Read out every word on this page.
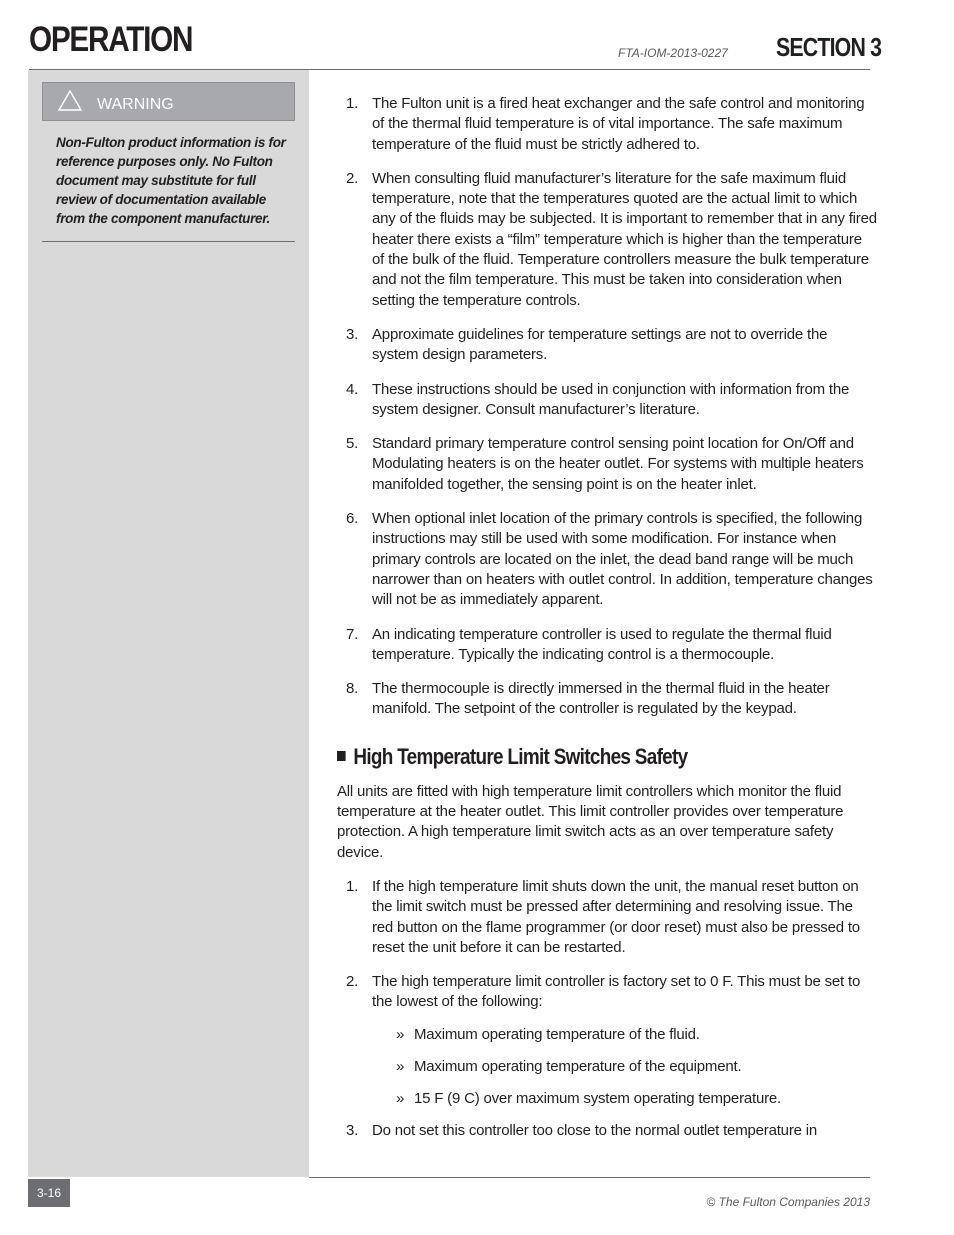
OPERATION	FTA-IOM-2013-0227 SECTION 3
WARNING
Non-Fulton product information is for reference purposes only. No Fulton document may substitute for full review of documentation available from the component manufacturer.
1. The Fulton unit is a fired heat exchanger and the safe control and monitoring of the thermal fluid temperature is of vital importance. The safe maximum temperature of the fluid must be strictly adhered to.
2. When consulting fluid manufacturer’s literature for the safe maximum fluid temperature, note that the temperatures quoted are the actual limit to which any of the fluids may be subjected. It is important to remember that in any fired heater there exists a “film” temperature which is higher than the temperature of the bulk of the fluid. Temperature controllers measure the bulk temperature and not the film temperature. This must be taken into consideration when setting the temperature controls.
3. Approximate guidelines for temperature settings are not to override the system design parameters.
4. These instructions should be used in conjunction with information from the system designer. Consult manufacturer’s literature.
5. Standard primary temperature control sensing point location for On/Off and Modulating heaters is on the heater outlet. For systems with multiple heaters manifolded together, the sensing point is on the heater inlet.
6. When optional inlet location of the primary controls is specified, the following instructions may still be used with some modification. For instance when primary controls are located on the inlet, the dead band range will be much narrower than on heaters with outlet control. In addition, temperature changes will not be as immediately apparent.
7. An indicating temperature controller is used to regulate the thermal fluid temperature. Typically the indicating control is a thermocouple.
8. The thermocouple is directly immersed in the thermal fluid in the heater manifold. The setpoint of the controller is regulated by the keypad.
High Temperature Limit Switches Safety

All units are fitted with high temperature limit controllers which monitor the fluid temperature at the heater outlet. This limit controller provides over temperature protection. A high temperature limit switch acts as an over temperature safety device.

1. If the high temperature limit shuts down the unit, the manual reset button on the limit switch must be pressed after determining and resolving issue. The red button on the flame programmer (or door reset) must also be pressed to reset the unit before it can be restarted.
2. The high temperature limit controller is factory set to 0 F. This must be set to the lowest of the following:
» Maximum operating temperature of the fluid.
» Maximum operating temperature of the equipment.
» 15 F (9 C) over maximum system operating temperature.
3. Do not set this controller too close to the normal outlet temperature in
3-16
© The Fulton Companies 2013
